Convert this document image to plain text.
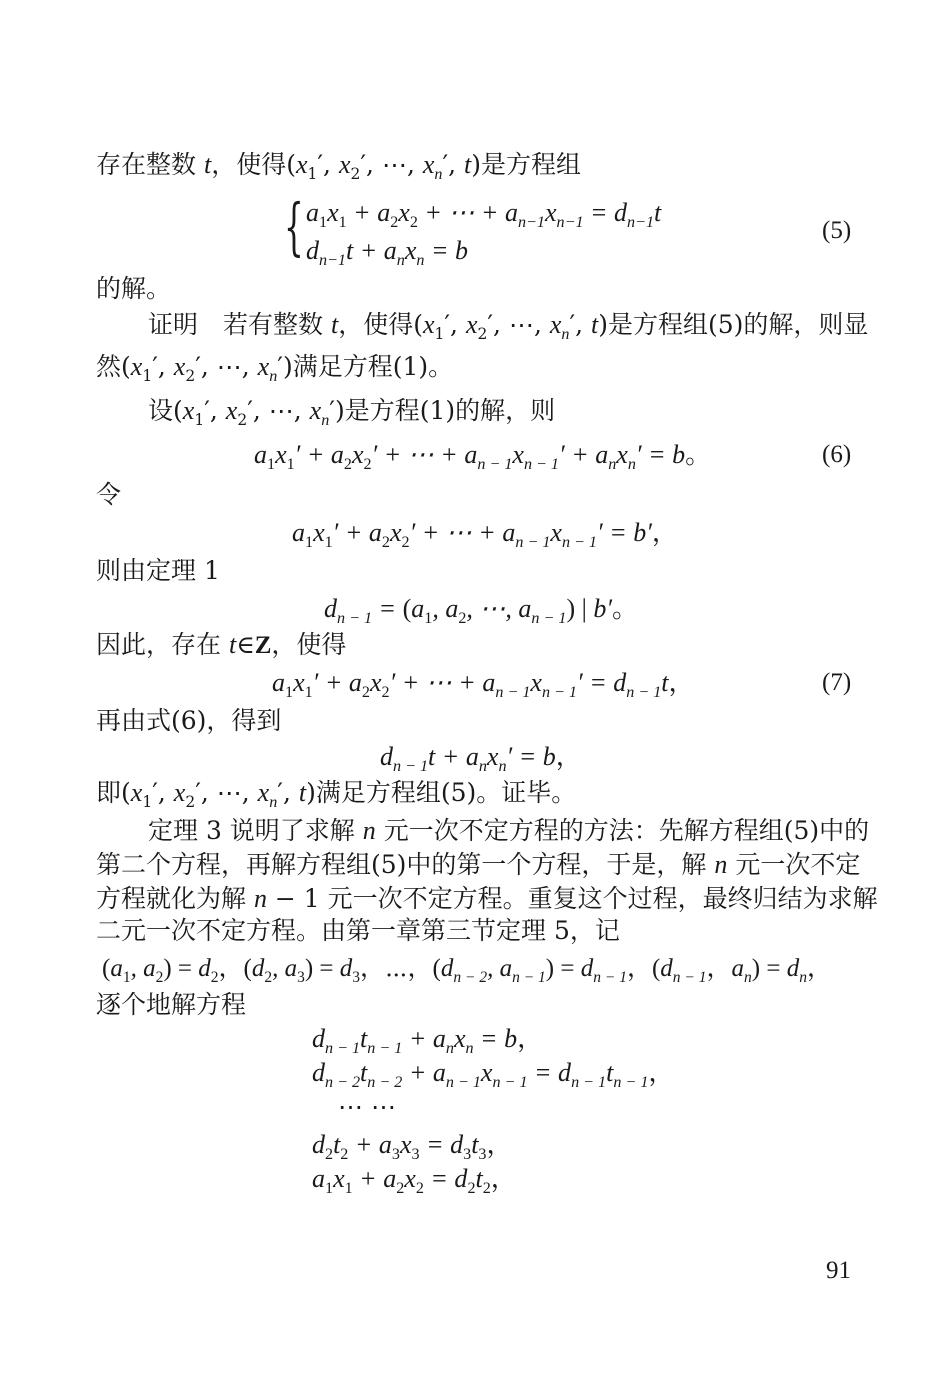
存在整数 t，使得($x_1'$, $x_2'$, ⋯, $x_n'$, t)是方程组
{ $a_1x_1 + a_2x_2$ + ⋯ + $a_{n-1}x_{n-1} = d_{n-1}t$
$d_{n-1}t + a_nx_n = b$
(5)
的解。
证明　若有整数 t，使得($x_1'$, $x_2'$, ⋯, $x_n'$, t)是方程组(5)的解，则显
然($x_1'$, $x_2'$, ⋯, $x_n'$)满足方程(1)。
设($x_1'$, $x_2'$, ⋯, $x_n'$)是方程(1)的解，则
$a_1x_1' + a_2x_2'$ + ⋯ + $a_{n - 1}x_{n - 1}' + a_nx_n' = b$。	(6)
令
$a_1x_1' + a_2x_2'$ + ⋯ + $a_{n - 1}x_{n - 1}' = b'$，
则由定理 1
$d_{n - 1} = (a_1$, $a_2$, ⋯, $a_{n - 1}$) | b′。
因此，存在 t∈Z，使得
$a_1x_1' + a_2x_2'$ + ⋯ + $a_{n - 1}x_{n - 1}' = d_{n - 1}t$，	(7)
再由式(6)，得到
$d_{n - 1}t + a_nx_n' = b$，
即($x_1'$, $x_2'$, ⋯, $x_n'$, t)满足方程组(5)。证毕。
定理 3 说明了求解 n 元一次不定方程的方法：先解方程组(5)中的
第二个方程，再解方程组(5)中的第一个方程，于是，解 n 元一次不定
方程就化为解 n − 1 元一次不定方程。重复这个过程，最终归结为求解
二元一次不定方程。由第一章第三节定理 5，记
($a_1$, $a_2) = d_2$，($d_2$, $a_3) = d_3$，⋯，($d_{n - 2}$, $a_{n - 1}) = d_{n - 1}$，($d_{n - 1}$，$a_n) = d_n$，
逐个地解方程
$d_{n - 1}t_{n - 1} + a_nx_n = b$，
$d_{n - 2}t_{n - 2} + a_{n - 1}x_{n - 1} = d_{n - 1}t_{n - 1}$，
⋯ ⋯
$d_2t_2 + a_3x_3 = d_3t_3$，
$a_1x_1 + a_2x_2 = d_2t_2$，
91
